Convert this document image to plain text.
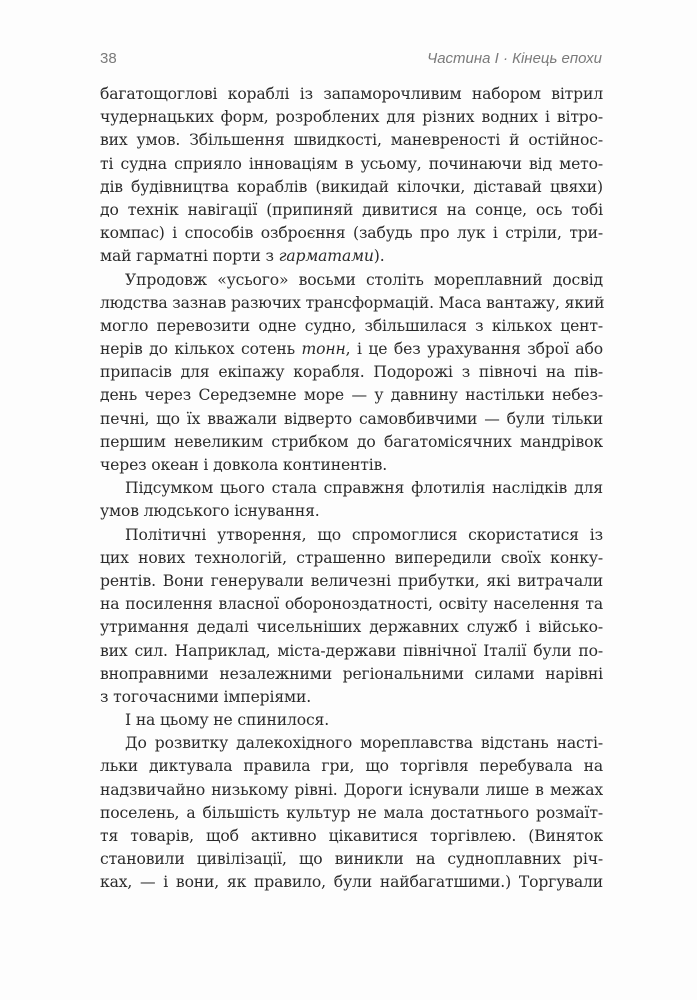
38	Частина І · Кінець епохи
багатощоглові кораблі із запаморочливим набором вітрил
чудернацьких форм, розроблених для різних водних і вітро-
вих умов. Збільшення швидкості, маневреності й остійнос-
ті судна сприяло інноваціям в усьому, починаючи від мето-
дів будівництва кораблів (викидай кілочки, діставай цвяхи)
до технік навігації (припиняй дивитися на сонце, ось тобі
компас) і способів озброєння (забудь про лук і стріли, три-
май гарматні порти з гарматами).
Упродовж «усього» восьми століть мореплавний досвід
людства зазнав разючих трансформацій. Маса вантажу, який
могло перевозити одне судно, збільшилася з кількох цент-
нерів до кількох сотень тонн, і це без урахування зброї або
припасів для екіпажу корабля. Подорожі з півночі на пів-
день через Середземне море — у давнину настільки небез-
печні, що їх вважали відверто самовбивчими — були тільки
першим невеликим стрибком до багатомісячних мандрівок
через океан і довкола континентів.
Підсумком цього стала справжня флотилія наслідків для
умов людського існування.
Політичні утворення, що спромоглися скористатися із
цих нових технологій, страшенно випередили своїх конку-
рентів. Вони генерували величезні прибутки, які витрачали
на посилення власної обороноздатності, освіту населення та
утримання дедалі чисельніших державних служб і військо-
вих сил. Наприклад, міста-держави північної Італії були по-
вноправними незалежними регіональними силами нарівні
з тогочасними імперіями.
І на цьому не спинилося.
До розвитку далекохідного мореплавства відстань насті-
льки диктувала правила гри, що торгівля перебувала на
надзвичайно низькому рівні. Дороги існували лише в межах
поселень, а більшість культур не мала достатнього розмаїт-
тя товарів, щоб активно цікавитися торгівлею. (Виняток
становили цивілізації, що виникли на судноплавних річ-
ках, — і вони, як правило, були найбагатшими.) Торгували
